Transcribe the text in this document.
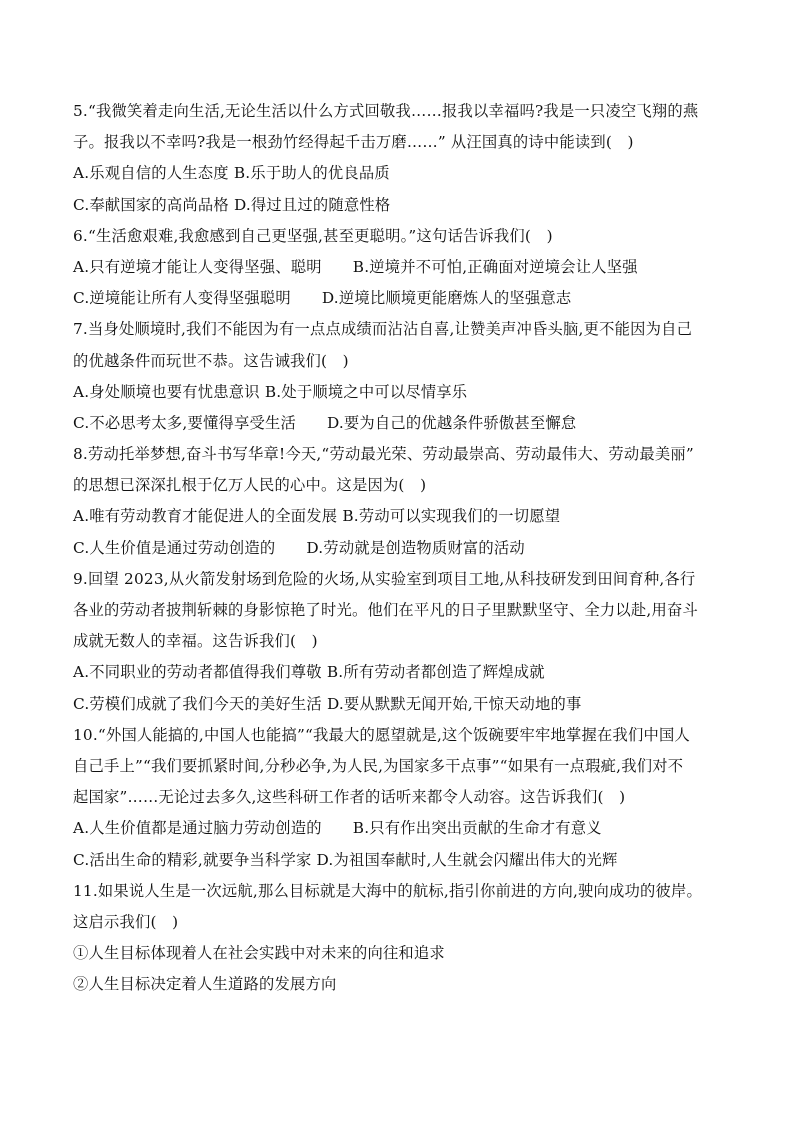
5.“我微笑着走向生活,无论生活以什么方式回敬我……报我以幸福吗?我是一只凌空飞翔的燕
子。报我以不幸吗?我是一根劲竹经得起千击万磨……” 从汪国真的诗中能读到(　)
A.乐观自信的人生态度 B.乐于助人的优良品质
C.奉献国家的高尚品格 D.得过且过的随意性格
6.“生活愈艰难,我愈感到自己更坚强,甚至更聪明。”这句话告诉我们(　)
A.只有逆境才能让人变得坚强、聪明　　B.逆境并不可怕,正确面对逆境会让人坚强
C.逆境能让所有人变得坚强聪明　　D.逆境比顺境更能磨炼人的坚强意志
7.当身处顺境时,我们不能因为有一点点成绩而沾沾自喜,让赞美声冲昏头脑,更不能因为自己
的优越条件而玩世不恭。这告诫我们(　)
A.身处顺境也要有忧患意识 B.处于顺境之中可以尽情享乐
C.不必思考太多,要懂得享受生活　　D.要为自己的优越条件骄傲甚至懈怠
8.劳动托举梦想,奋斗书写华章!今天,“劳动最光荣、劳动最崇高、劳动最伟大、劳动最美丽”
的思想已深深扎根于亿万人民的心中。这是因为(　)
A.唯有劳动教育才能促进人的全面发展 B.劳动可以实现我们的一切愿望
C.人生价值是通过劳动创造的　　D.劳动就是创造物质财富的活动
9.回望 2023,从火箭发射场到危险的火场,从实验室到项目工地,从科技研发到田间育种,各行
各业的劳动者披荆斩棘的身影惊艳了时光。他们在平凡的日子里默默坚守、全力以赴,用奋斗
成就无数人的幸福。这告诉我们(　)
A.不同职业的劳动者都值得我们尊敬 B.所有劳动者都创造了辉煌成就
C.劳模们成就了我们今天的美好生活 D.要从默默无闻开始,干惊天动地的事
10.“外国人能搞的,中国人也能搞”“我最大的愿望就是,这个饭碗要牢牢地掌握在我们中国人
自己手上”“我们要抓紧时间,分秒必争,为人民,为国家多干点事”“如果有一点瑕疵,我们对不
起国家”……无论过去多久,这些科研工作者的话听来都令人动容。这告诉我们(　)
A.人生价值都是通过脑力劳动创造的　　B.只有作出突出贡献的生命才有意义
C.活出生命的精彩,就要争当科学家 D.为祖国奉献时,人生就会闪耀出伟大的光辉
11.如果说人生是一次远航,那么目标就是大海中的航标,指引你前进的方向,驶向成功的彼岸。
这启示我们(　)
①人生目标体现着人在社会实践中对未来的向往和追求
②人生目标决定着人生道路的发展方向
